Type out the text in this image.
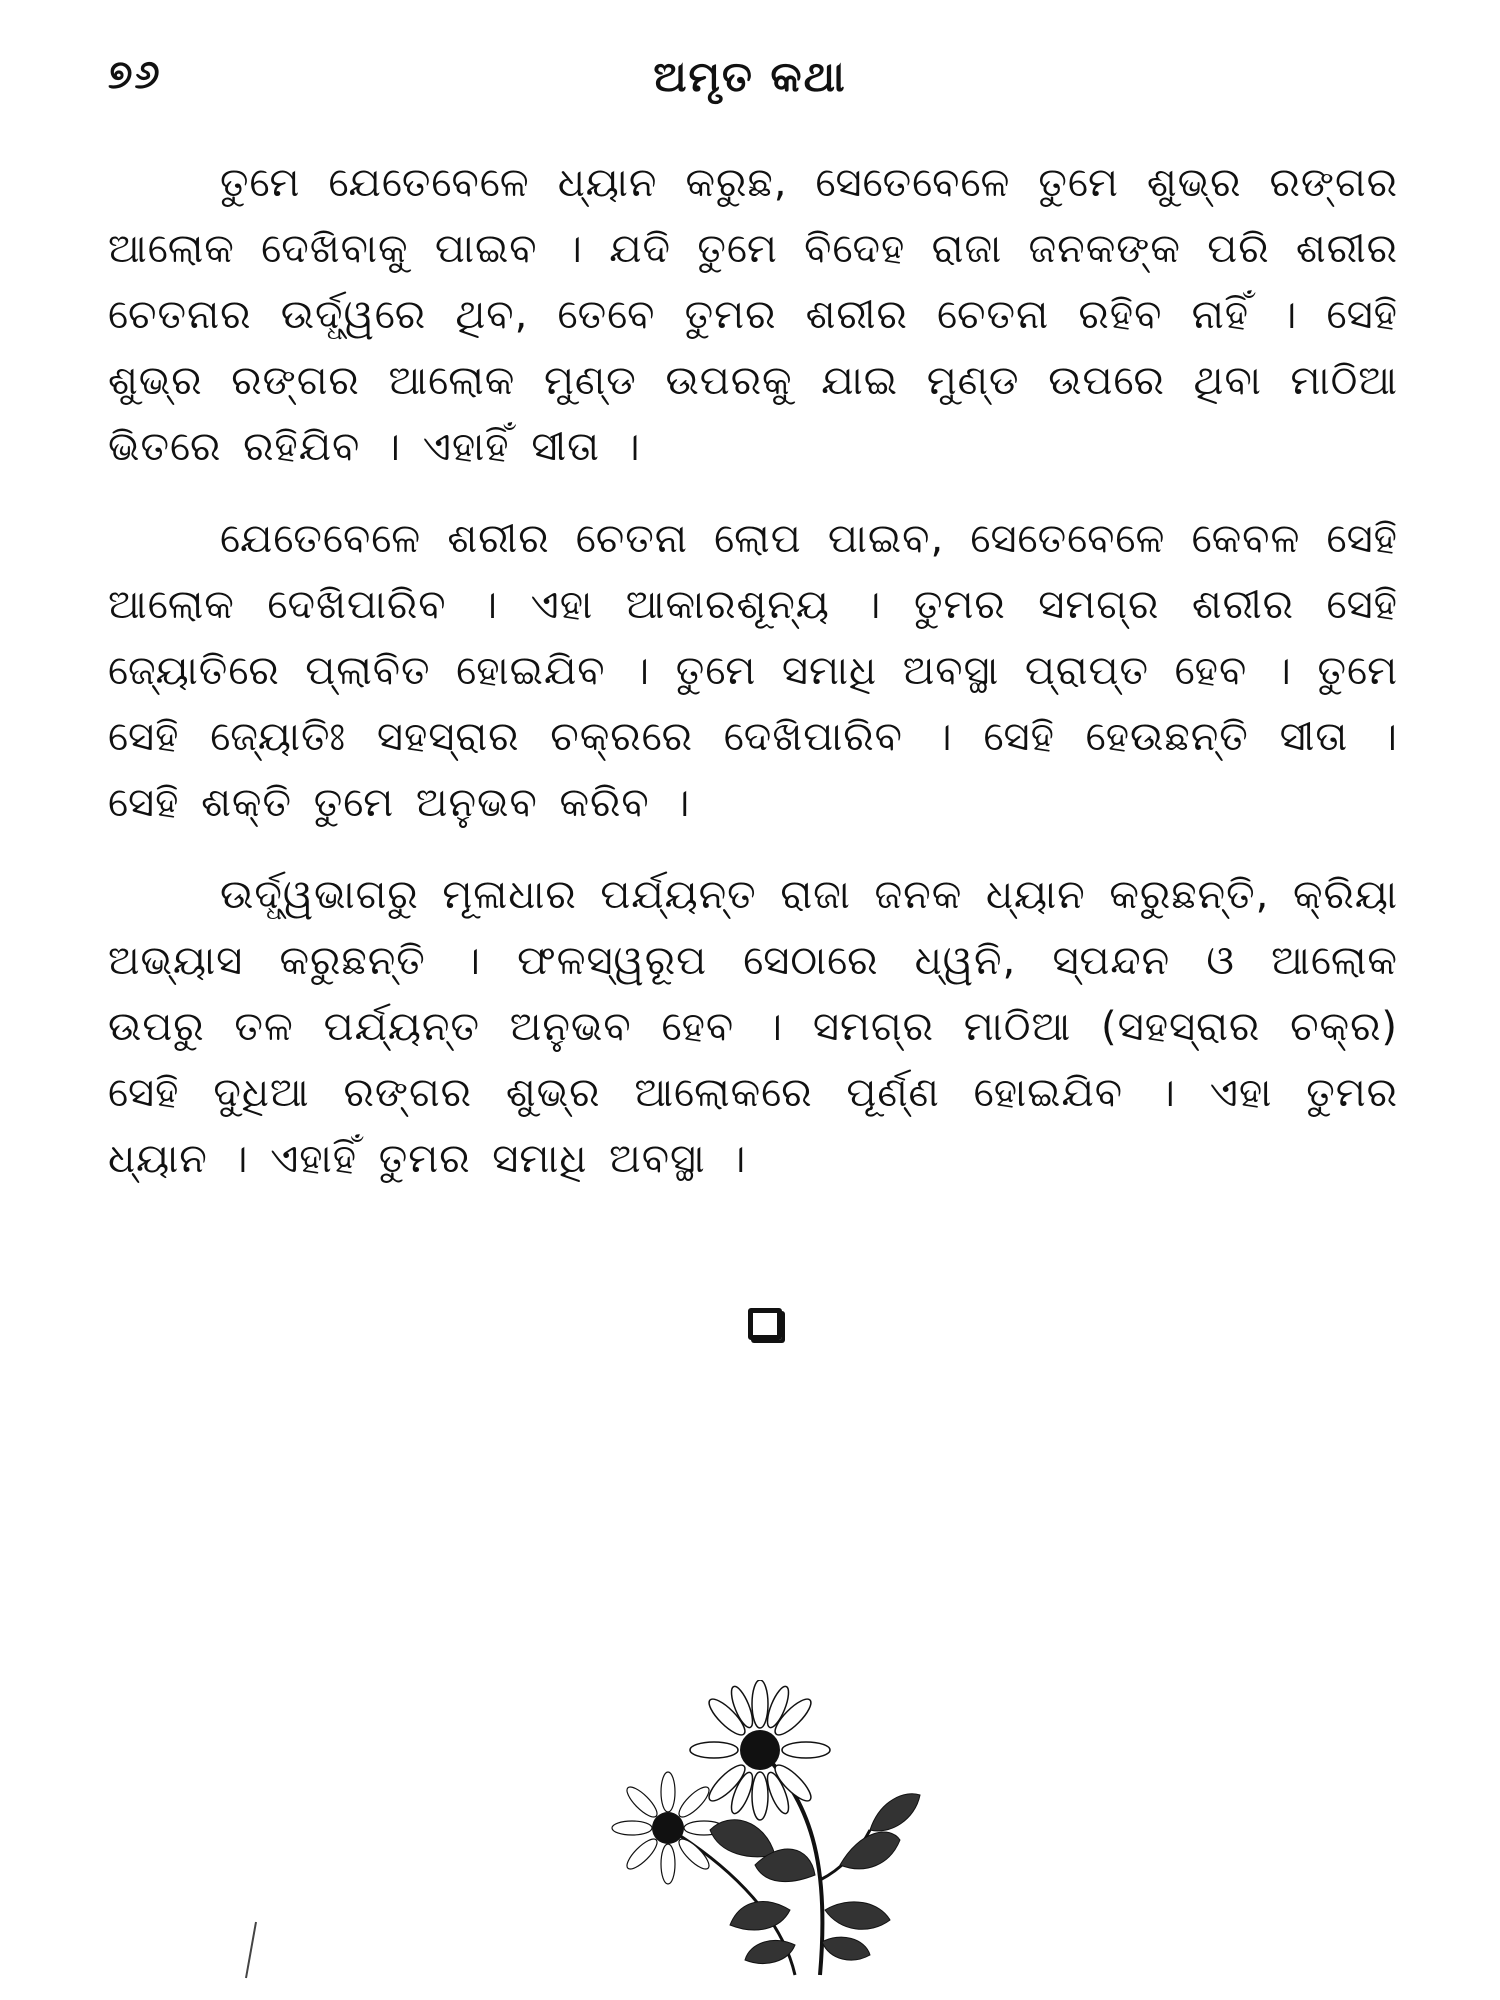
୭୬	ଅମୃତ କଥା

ତୁମେ ଯେତେବେଳେ ଧ୍ୟାନ କରୁଛ, ସେତେବେଳେ ତୁମେ ଶୁଭ୍ର ରଙ୍ଗର ଆଲୋକ ଦେଖିବାକୁ ପାଇବ । ଯଦି ତୁମେ ବିଦେହ ରାଜା ଜନକଙ୍କ ପରି ଶରୀର ଚେତନାର ଉର୍ଦ୍ଧ୍ୱରେ ଥିବ, ତେବେ ତୁମର ଶରୀର ଚେତନା ରହିବ ନାହିଁ । ସେହି ଶୁଭ୍ର ରଙ୍ଗର ଆଲୋକ ମୁଣ୍ଡ ଉପରକୁ ଯାଇ ମୁଣ୍ଡ ଉପରେ ଥିବା ମାଠିଆ ଭିତରେ ରହିଯିବ । ଏହାହିଁ ସୀତା ।

ଯେତେବେଳେ ଶରୀର ଚେତନା ଲୋପ ପାଇବ, ସେତେବେଳେ କେବଳ ସେହି ଆଲୋକ ଦେଖିପାରିବ । ଏହା ଆକାରଶୂନ୍ୟ । ତୁମର ସମଗ୍ର ଶରୀର ସେହି ଜ୍ୟୋତିରେ ପ୍ଲାବିତ ହୋଇଯିବ । ତୁମେ ସମାଧି ଅବସ୍ଥା ପ୍ରାପ୍ତ ହେବ । ତୁମେ ସେହି ଜ୍ୟୋତିଃ ସହସ୍ରାର ଚକ୍ରରେ ଦେଖିପାରିବ । ସେହି ହେଉଛନ୍ତି ସୀତା । ସେହି ଶକ୍ତି ତୁମେ ଅନୁଭବ କରିବ ।

ଉର୍ଦ୍ଧ୍ୱଭାଗରୁ ମୂଳାଧାର ପର୍ଯ୍ୟନ୍ତ ରାଜା ଜନକ ଧ୍ୟାନ କରୁଛନ୍ତି, କ୍ରିୟା ଅଭ୍ୟାସ କରୁଛନ୍ତି । ଫଳସ୍ୱରୂପ ସେଠାରେ ଧ୍ୱନି, ସ୍ପନ୍ଦନ ଓ ଆଲୋକ ଉପରୁ ତଳ ପର୍ଯ୍ୟନ୍ତ ଅନୁଭବ ହେବ । ସମଗ୍ର ମାଠିଆ (ସହସ୍ରାର ଚକ୍ର) ସେହି ଦୁଧିଆ ରଙ୍ଗର ଶୁଭ୍ର ଆଲୋକରେ ପୂର୍ଣ୍ଣ ହୋଇଯିବ । ଏହା ତୁମର ଧ୍ୟାନ । ଏହାହିଁ ତୁମର ସମାଧି ଅବସ୍ଥା ।
